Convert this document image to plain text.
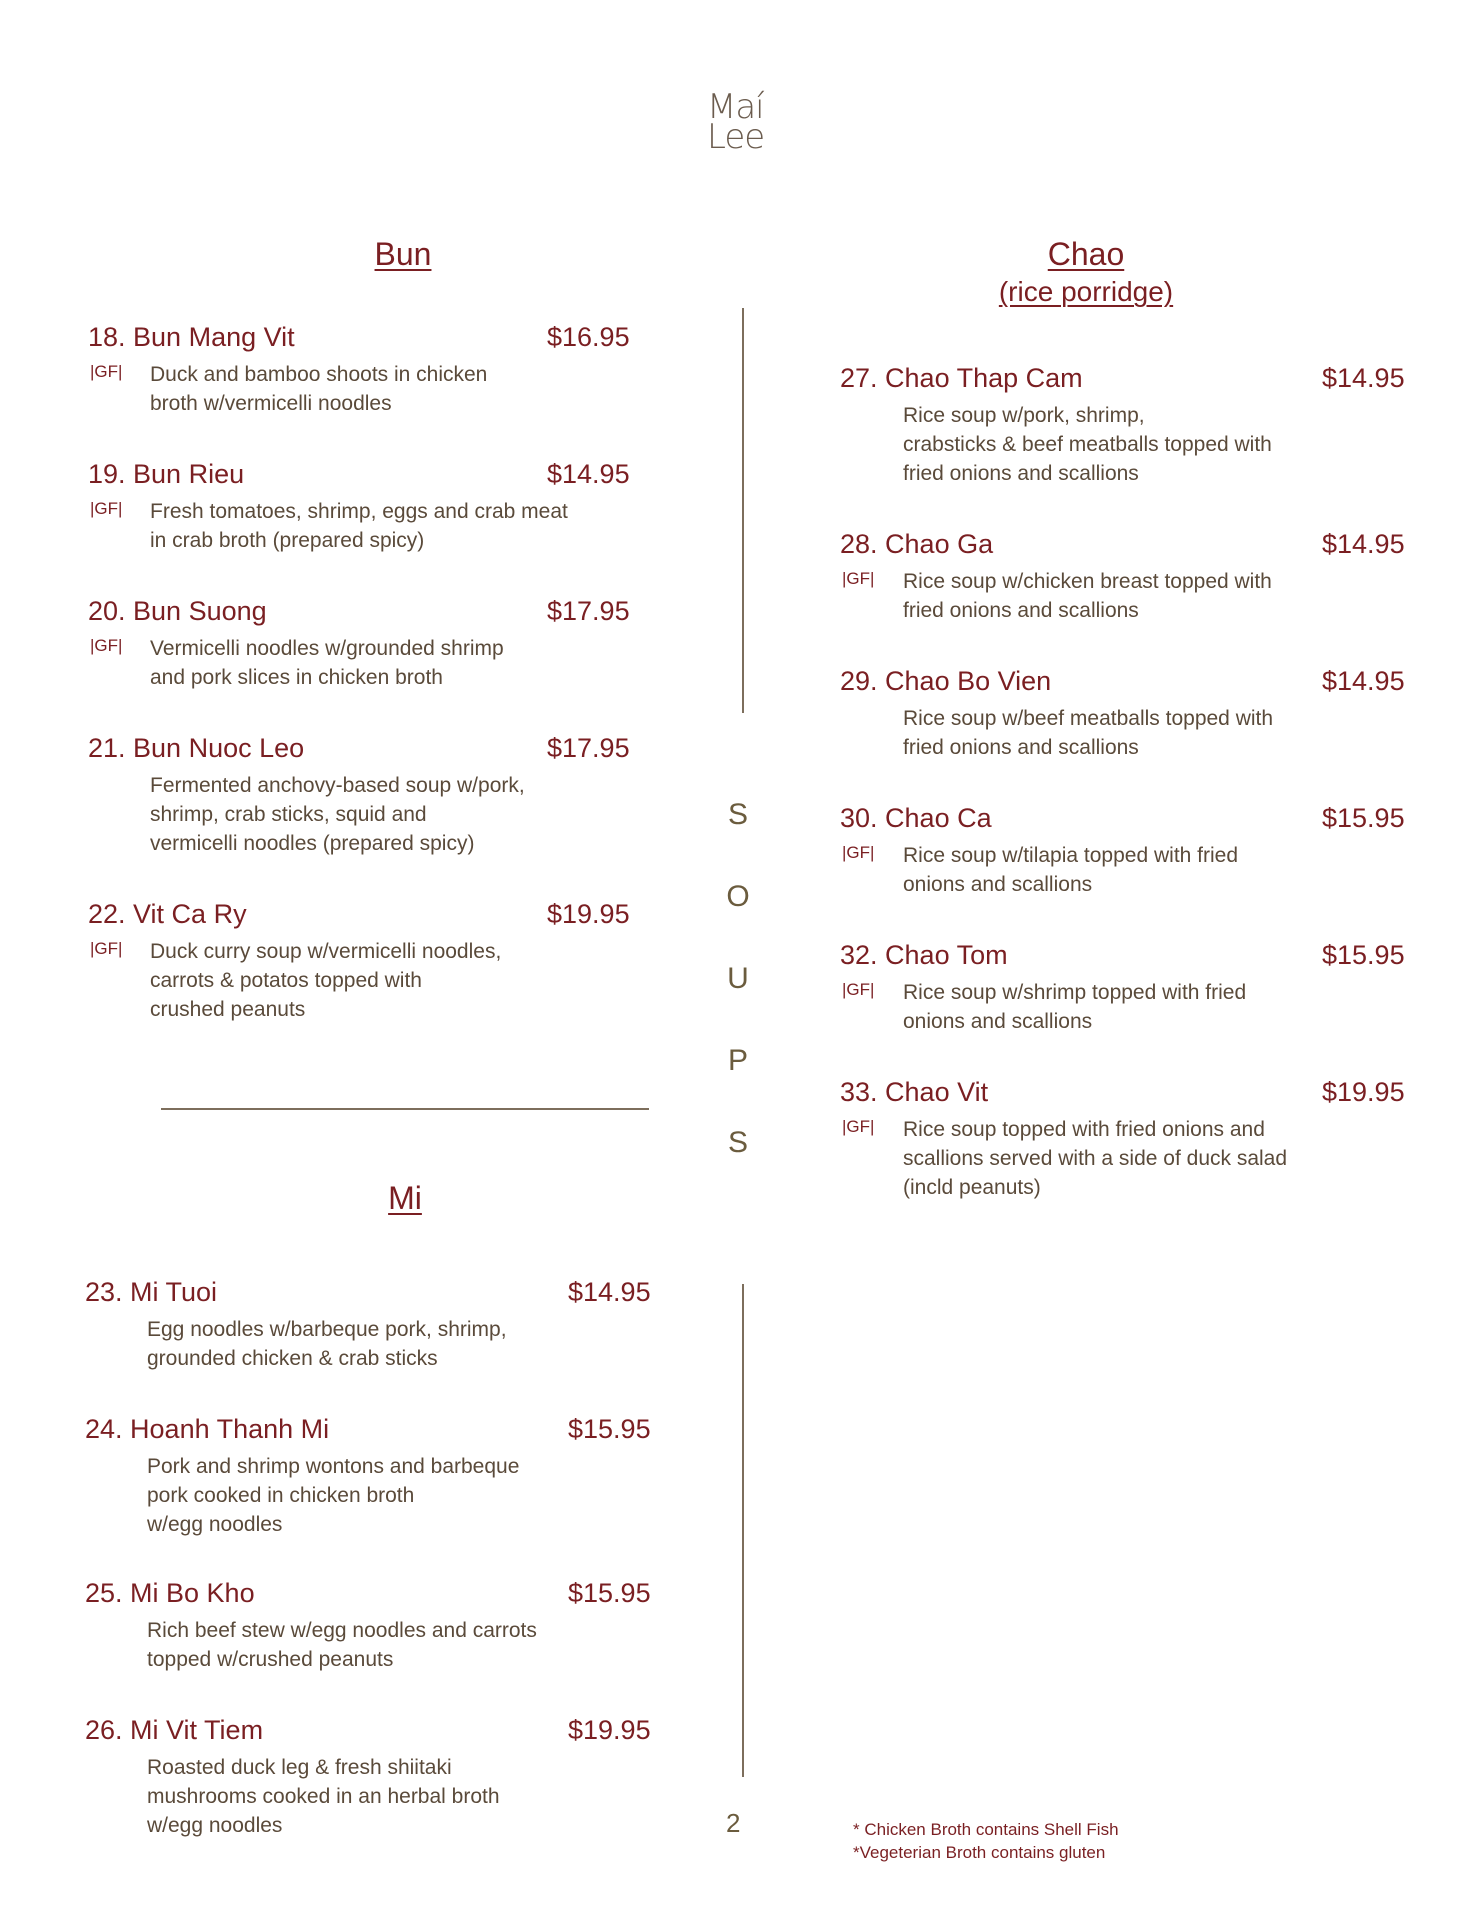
Maí
Lee
Bun
18. Bun Mang Vit	$16.95
|GF| Duck and bamboo shoots in chicken
broth w/vermicelli noodles
19. Bun Rieu	$14.95
|GF| Fresh tomatoes, shrimp, eggs and crab meat
in crab broth (prepared spicy)
20. Bun Suong	$17.95
|GF| Vermicelli noodles w/grounded shrimp
and pork slices in chicken broth
21. Bun Nuoc Leo	$17.95
Fermented anchovy-based soup w/pork,
shrimp, crab sticks, squid and
vermicelli noodles (prepared spicy)
22. Vit Ca Ry	$19.95
|GF| Duck curry soup w/vermicelli noodles,
carrots & potatos topped with
crushed peanuts
Mi
23. Mi Tuoi	$14.95
Egg noodles w/barbeque pork, shrimp,
grounded chicken & crab sticks
24. Hoanh Thanh Mi	$15.95
Pork and shrimp wontons and barbeque
pork cooked in chicken broth
w/egg noodles
25. Mi Bo Kho	$15.95
Rich beef stew w/egg noodles and carrots
topped w/crushed peanuts
26. Mi Vit Tiem	$19.95
Roasted duck leg & fresh shiitaki
mushrooms cooked in an herbal broth
w/egg noodles
S
O
U
P
S
Chao
(rice porridge)
27. Chao Thap Cam	$14.95
Rice soup w/pork, shrimp,
crabsticks & beef meatballs topped with
fried onions and scallions
28. Chao Ga	$14.95
|GF| Rice soup w/chicken breast topped with
fried onions and scallions
29. Chao Bo Vien	$14.95
Rice soup w/beef meatballs topped with
fried onions and scallions
30. Chao Ca	$15.95
|GF| Rice soup w/tilapia topped with fried
onions and scallions
32. Chao Tom	$15.95
|GF| Rice soup w/shrimp topped with fried
onions and scallions
33. Chao Vit	$19.95
|GF| Rice soup topped with fried onions and
scallions served with a side of duck salad
(incld peanuts)
2	* Chicken Broth contains Shell Fish
*Vegeterian Broth contains gluten
